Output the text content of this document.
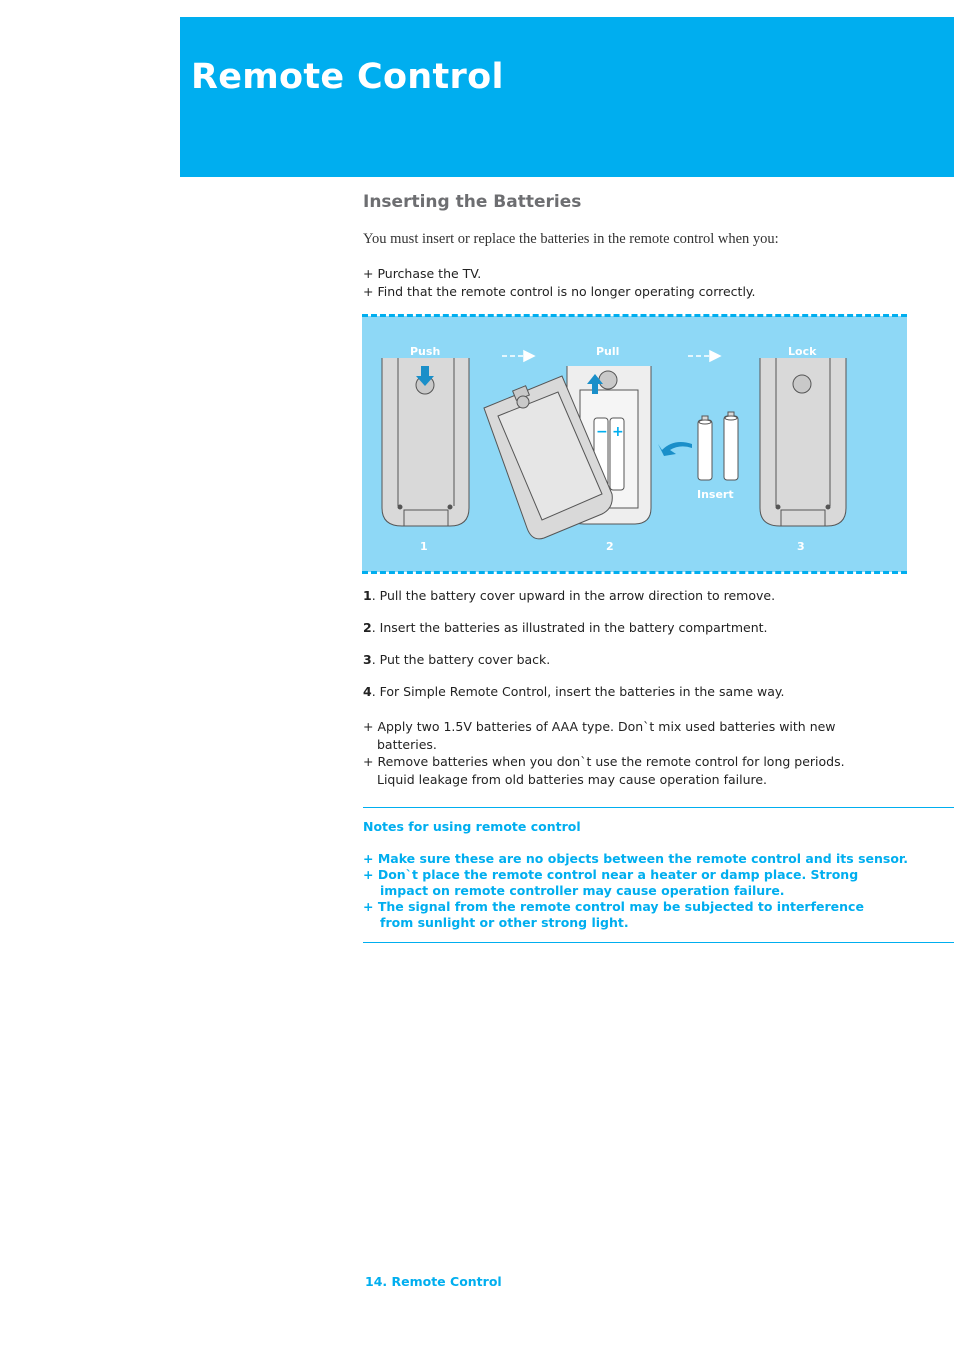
Remote Control
Inserting the Batteries
You must insert or replace the batteries in the remote control when you:
+ Purchase the TV.
+ Find that the remote control is no longer operating correctly.
Push	Pull	Lock
Insert
1	2	3
− +

1. Pull the battery cover upward in the arrow direction to remove.

2. Insert the batteries as illustrated in the battery compartment.

3. Put the battery cover back.

4. For Simple Remote Control, insert the batteries in the same way.

+ Apply two 1.5V batteries of AAA type. Don`t mix used batteries with new
batteries.
+ Remove batteries when you don`t use the remote control for long periods.
Liquid leakage from old batteries may cause operation failure.
Notes for using remote control
+ Make sure these are no objects between the remote control and its sensor.
+ Don`t place the remote control near a heater or damp place. Strong
impact on remote controller may cause operation failure.
+ The signal from the remote control may be subjected to interference
from sunlight or other strong light.
14. Remote Control
